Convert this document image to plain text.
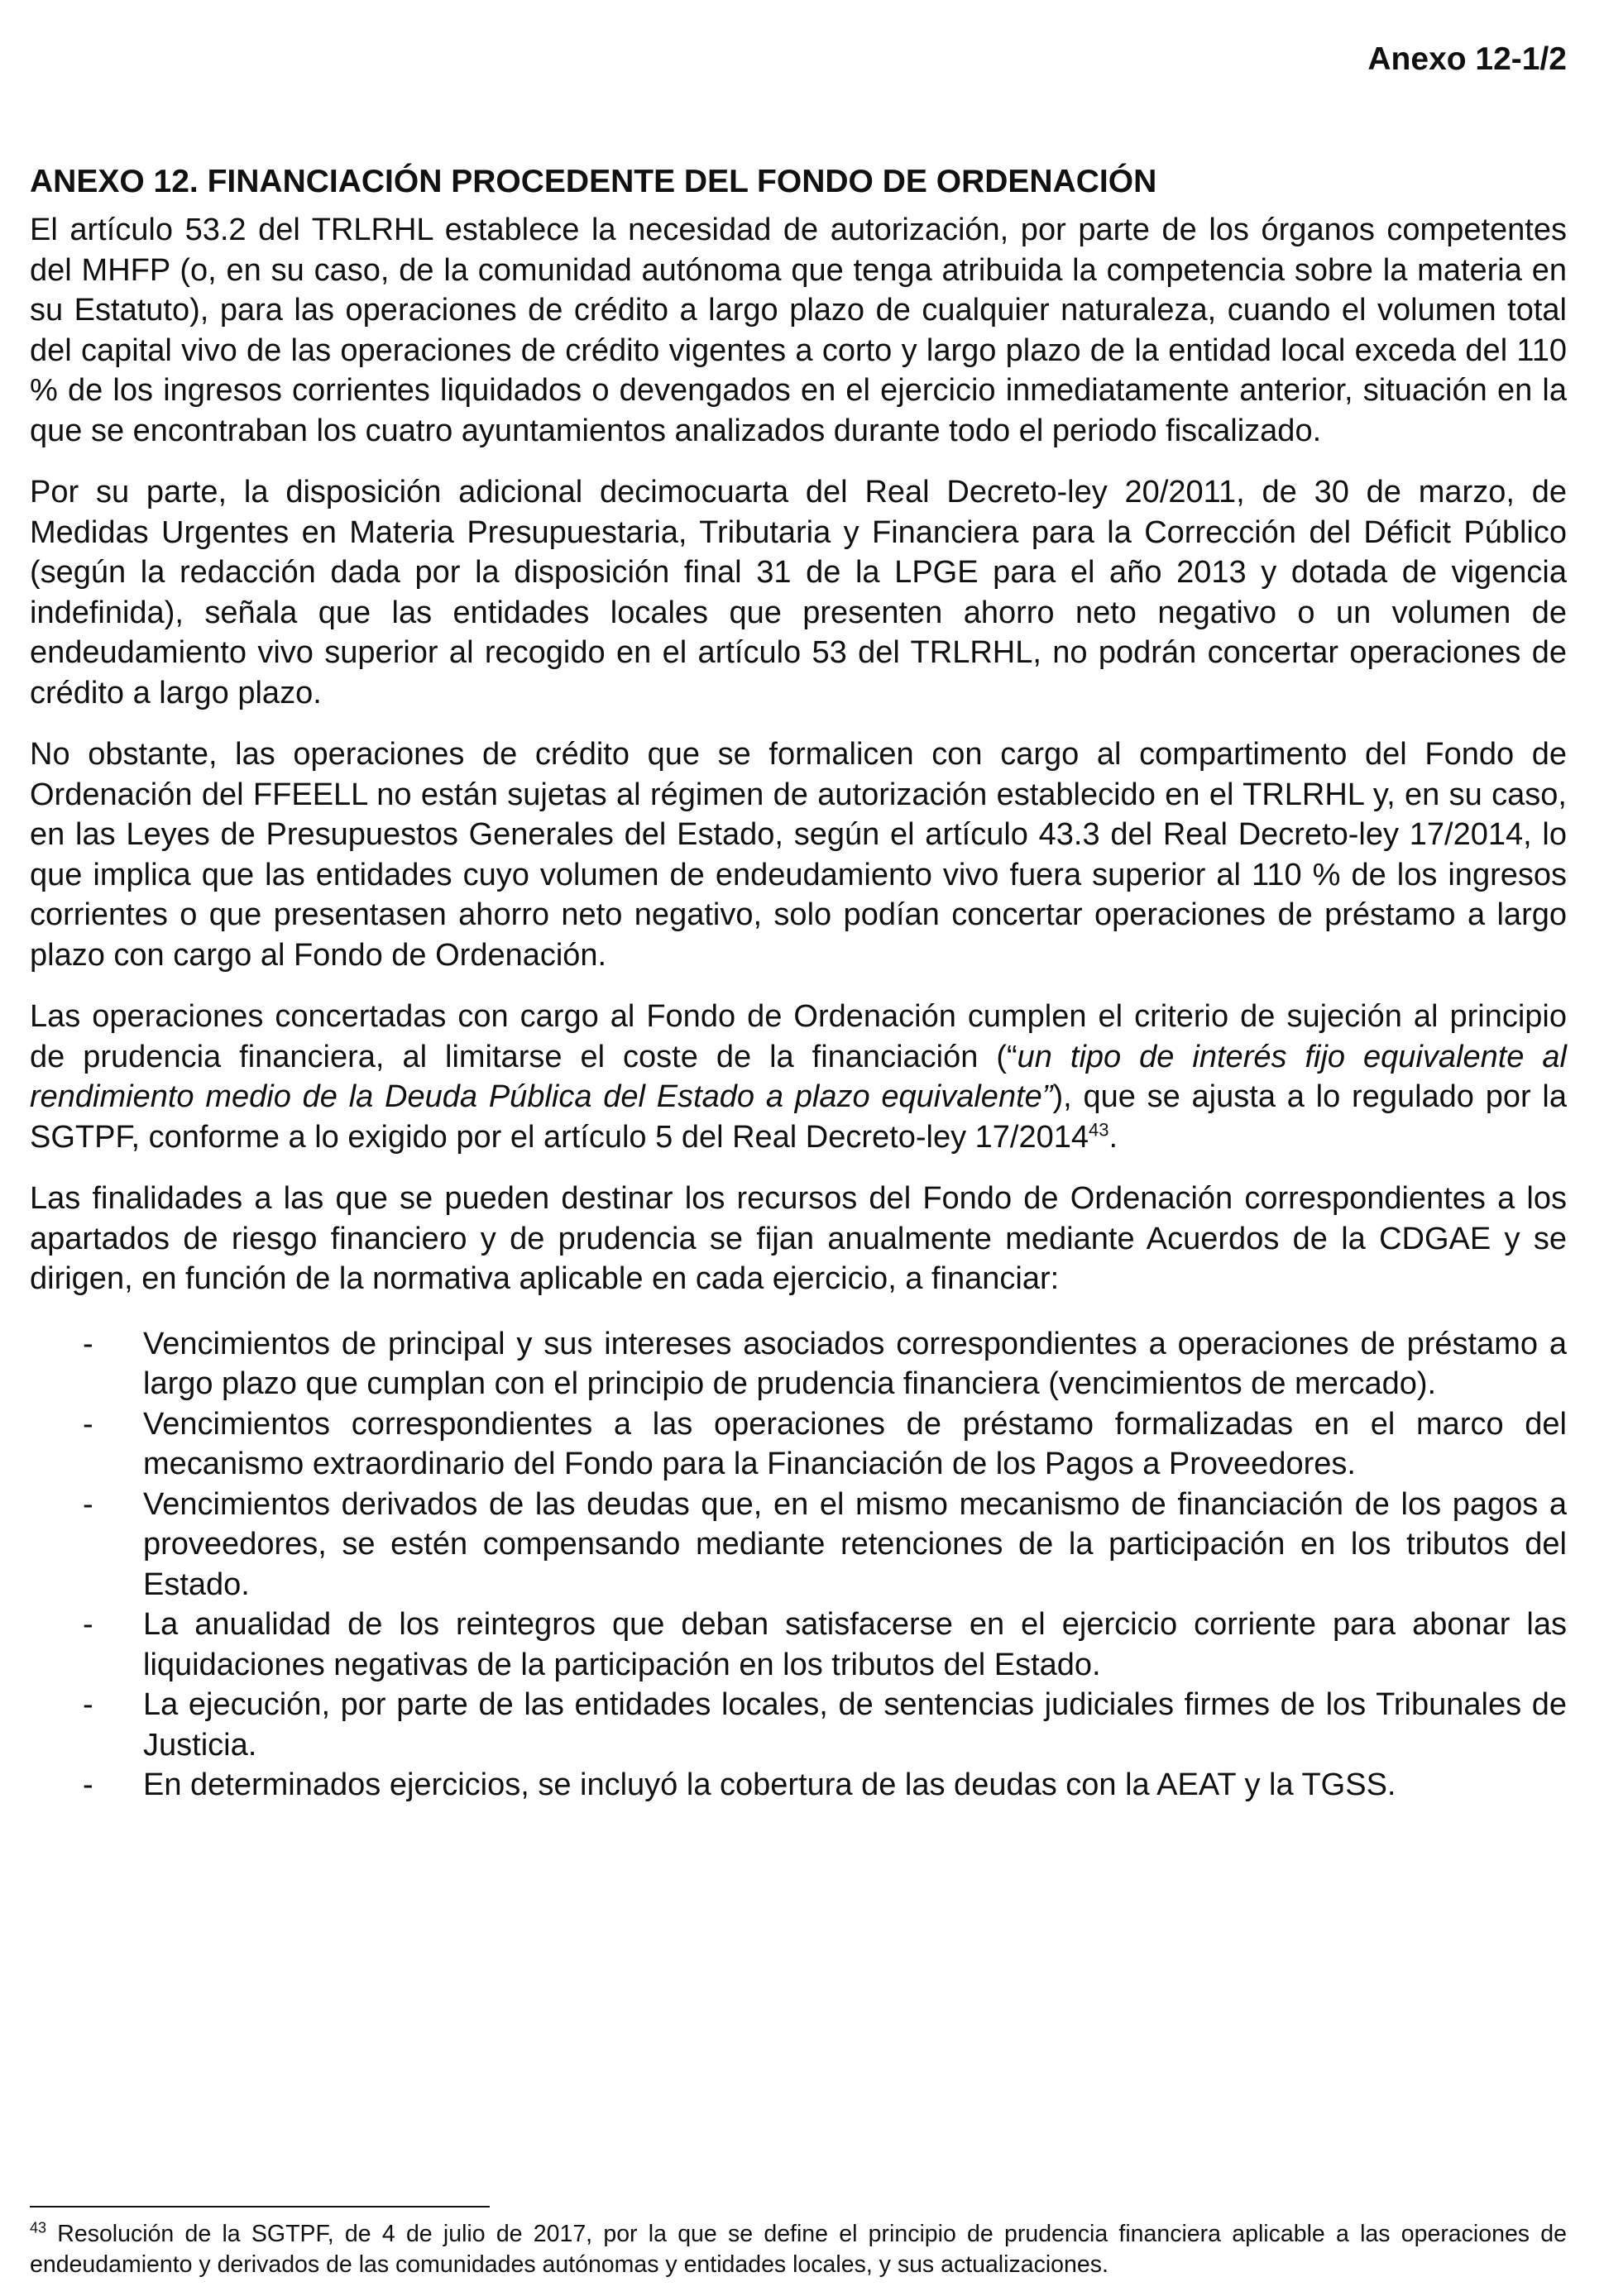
Anexo 12-1/2
ANEXO 12. FINANCIACIÓN PROCEDENTE DEL FONDO DE ORDENACIÓN

El artículo 53.2 del TRLRHL establece la necesidad de autorización, por parte de los órganos competentes del MHFP (o, en su caso, de la comunidad autónoma que tenga atribuida la competencia sobre la materia en su Estatuto), para las operaciones de crédito a largo plazo de cualquier naturaleza, cuando el volumen total del capital vivo de las operaciones de crédito vigentes a corto y largo plazo de la entidad local exceda del 110 % de los ingresos corrientes liquidados o devengados en el ejercicio inmediatamente anterior, situación en la que se encontraban los cuatro ayuntamientos analizados durante todo el periodo fiscalizado.

Por su parte, la disposición adicional decimocuarta del Real Decreto-ley 20/2011, de 30 de marzo, de Medidas Urgentes en Materia Presupuestaria, Tributaria y Financiera para la Corrección del Déficit Público (según la redacción dada por la disposición final 31 de la LPGE para el año 2013 y dotada de vigencia indefinida), señala que las entidades locales que presenten ahorro neto negativo o un volumen de endeudamiento vivo superior al recogido en el artículo 53 del TRLRHL, no podrán concertar operaciones de crédito a largo plazo.

No obstante, las operaciones de crédito que se formalicen con cargo al compartimento del Fondo de Ordenación del FFEELL no están sujetas al régimen de autorización establecido en el TRLRHL y, en su caso, en las Leyes de Presupuestos Generales del Estado, según el artículo 43.3 del Real Decreto-ley 17/2014, lo que implica que las entidades cuyo volumen de endeudamiento vivo fuera superior al 110 % de los ingresos corrientes o que presentasen ahorro neto negativo, solo podían concertar operaciones de préstamo a largo plazo con cargo al Fondo de Ordenación.

Las operaciones concertadas con cargo al Fondo de Ordenación cumplen el criterio de sujeción al principio de prudencia financiera, al limitarse el coste de la financiación (“un tipo de interés fijo equivalente al rendimiento medio de la Deuda Pública del Estado a plazo equivalente”), que se ajusta a lo regulado por la SGTPF, conforme a lo exigido por el artículo 5 del Real Decreto-ley 17/2014$^{43}$.

Las finalidades a las que se pueden destinar los recursos del Fondo de Ordenación correspondientes a los apartados de riesgo financiero y de prudencia se fijan anualmente mediante Acuerdos de la CDGAE y se dirigen, en función de la normativa aplicable en cada ejercicio, a financiar:

- Vencimientos de principal y sus intereses asociados correspondientes a operaciones de préstamo a largo plazo que cumplan con el principio de prudencia financiera (vencimientos de mercado).
- Vencimientos correspondientes a las operaciones de préstamo formalizadas en el marco del mecanismo extraordinario del Fondo para la Financiación de los Pagos a Proveedores.
- Vencimientos derivados de las deudas que, en el mismo mecanismo de financiación de los pagos a proveedores, se estén compensando mediante retenciones de la participación en los tributos del Estado.
- La anualidad de los reintegros que deban satisfacerse en el ejercicio corriente para abonar las liquidaciones negativas de la participación en los tributos del Estado.
- La ejecución, por parte de las entidades locales, de sentencias judiciales firmes de los Tribunales de Justicia.
- En determinados ejercicios, se incluyó la cobertura de las deudas con la AEAT y la TGSS.
$^{43}$ Resolución de la SGTPF, de 4 de julio de 2017, por la que se define el principio de prudencia financiera aplicable a las operaciones de endeudamiento y derivados de las comunidades autónomas y entidades locales, y sus actualizaciones.
